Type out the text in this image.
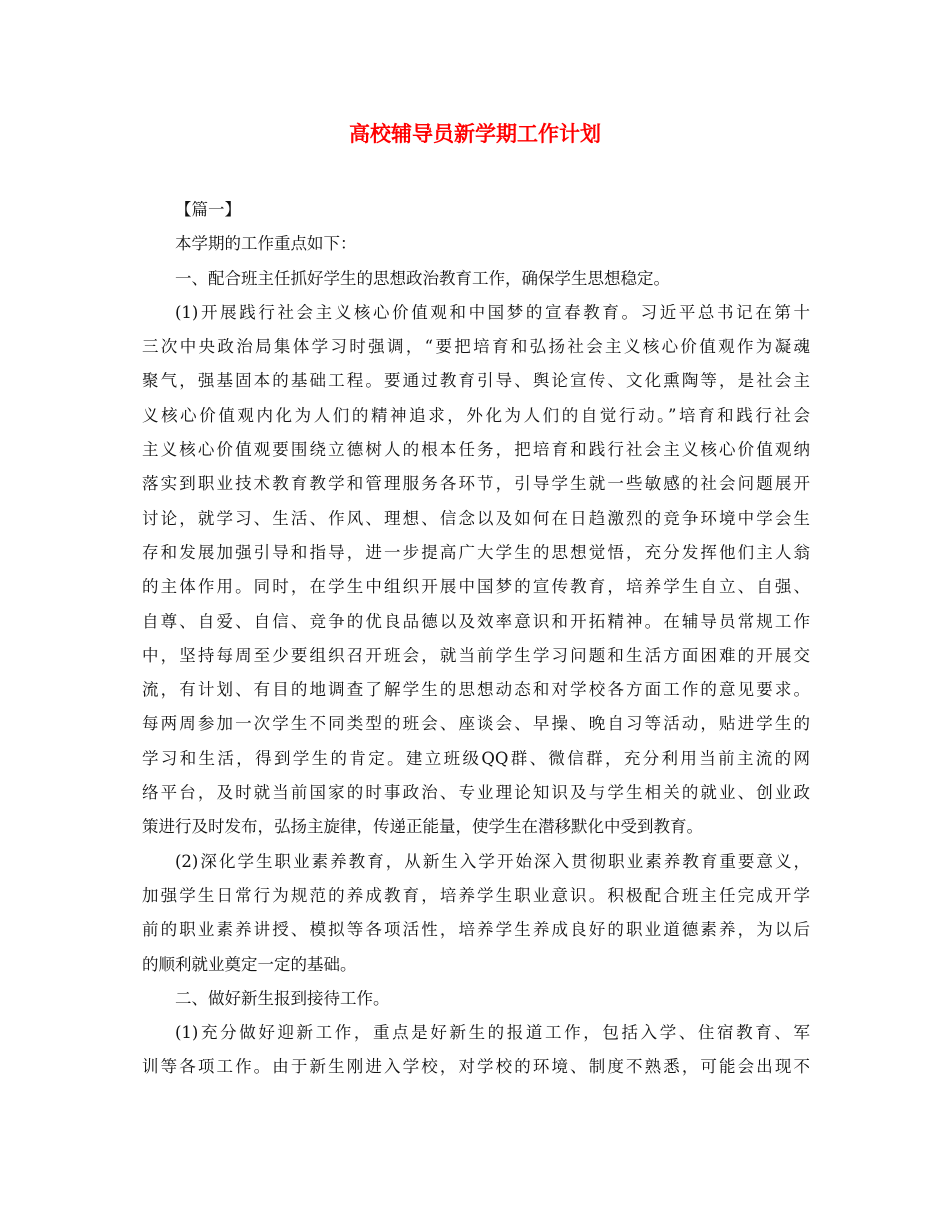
高校辅导员新学期工作计划

【篇一】

本学期的工作重点如下：

一、配合班主任抓好学生的思想政治教育工作，确保学生思想稳定。

(1)开展践行社会主义核心价值观和中国梦的宣春教育。习近平总书记在第十
三次中央政治局集体学习时强调，“要把培育和弘扬社会主义核心价值观作为凝魂
聚气，强基固本的基础工程。要通过教育引导、舆论宣传、文化熏陶等，是社会主
义核心价值观内化为人们的精神追求，外化为人们的自觉行动。”培育和践行社会
主义核心价值观要围绕立德树人的根本任务，把培育和践行社会主义核心价值观纳
落实到职业技术教育教学和管理服务各环节，引导学生就一些敏感的社会问题展开
讨论，就学习、生活、作风、理想、信念以及如何在日趋激烈的竞争环境中学会生
存和发展加强引导和指导，进一步提高广大学生的思想觉悟，充分发挥他们主人翁
的主体作用。同时，在学生中组织开展中国梦的宣传教育，培养学生自立、自强、
自尊、自爱、自信、竞争的优良品德以及效率意识和开拓精神。在辅导员常规工作
中，坚持每周至少要组织召开班会，就当前学生学习问题和生活方面困难的开展交
流，有计划、有目的地调查了解学生的思想动态和对学校各方面工作的意见要求。
每两周参加一次学生不同类型的班会、座谈会、早操、晚自习等活动，贴进学生的
学习和生活，得到学生的肯定。建立班级QQ群、微信群，充分利用当前主流的网
络平台，及时就当前国家的时事政治、专业理论知识及与学生相关的就业、创业政
策进行及时发布，弘扬主旋律，传递正能量，使学生在潜移默化中受到教育。
(2)深化学生职业素养教育，从新生入学开始深入贯彻职业素养教育重要意义，
加强学生日常行为规范的养成教育，培养学生职业意识。积极配合班主任完成开学
前的职业素养讲授、模拟等各项活性，培养学生养成良好的职业道德素养，为以后
的顺利就业奠定一定的基础。

二、做好新生报到接待工作。

(1)充分做好迎新工作，重点是好新生的报道工作，包括入学、住宿教育、军
训等各项工作。由于新生刚进入学校，对学校的环境、制度不熟悉，可能会出现不
